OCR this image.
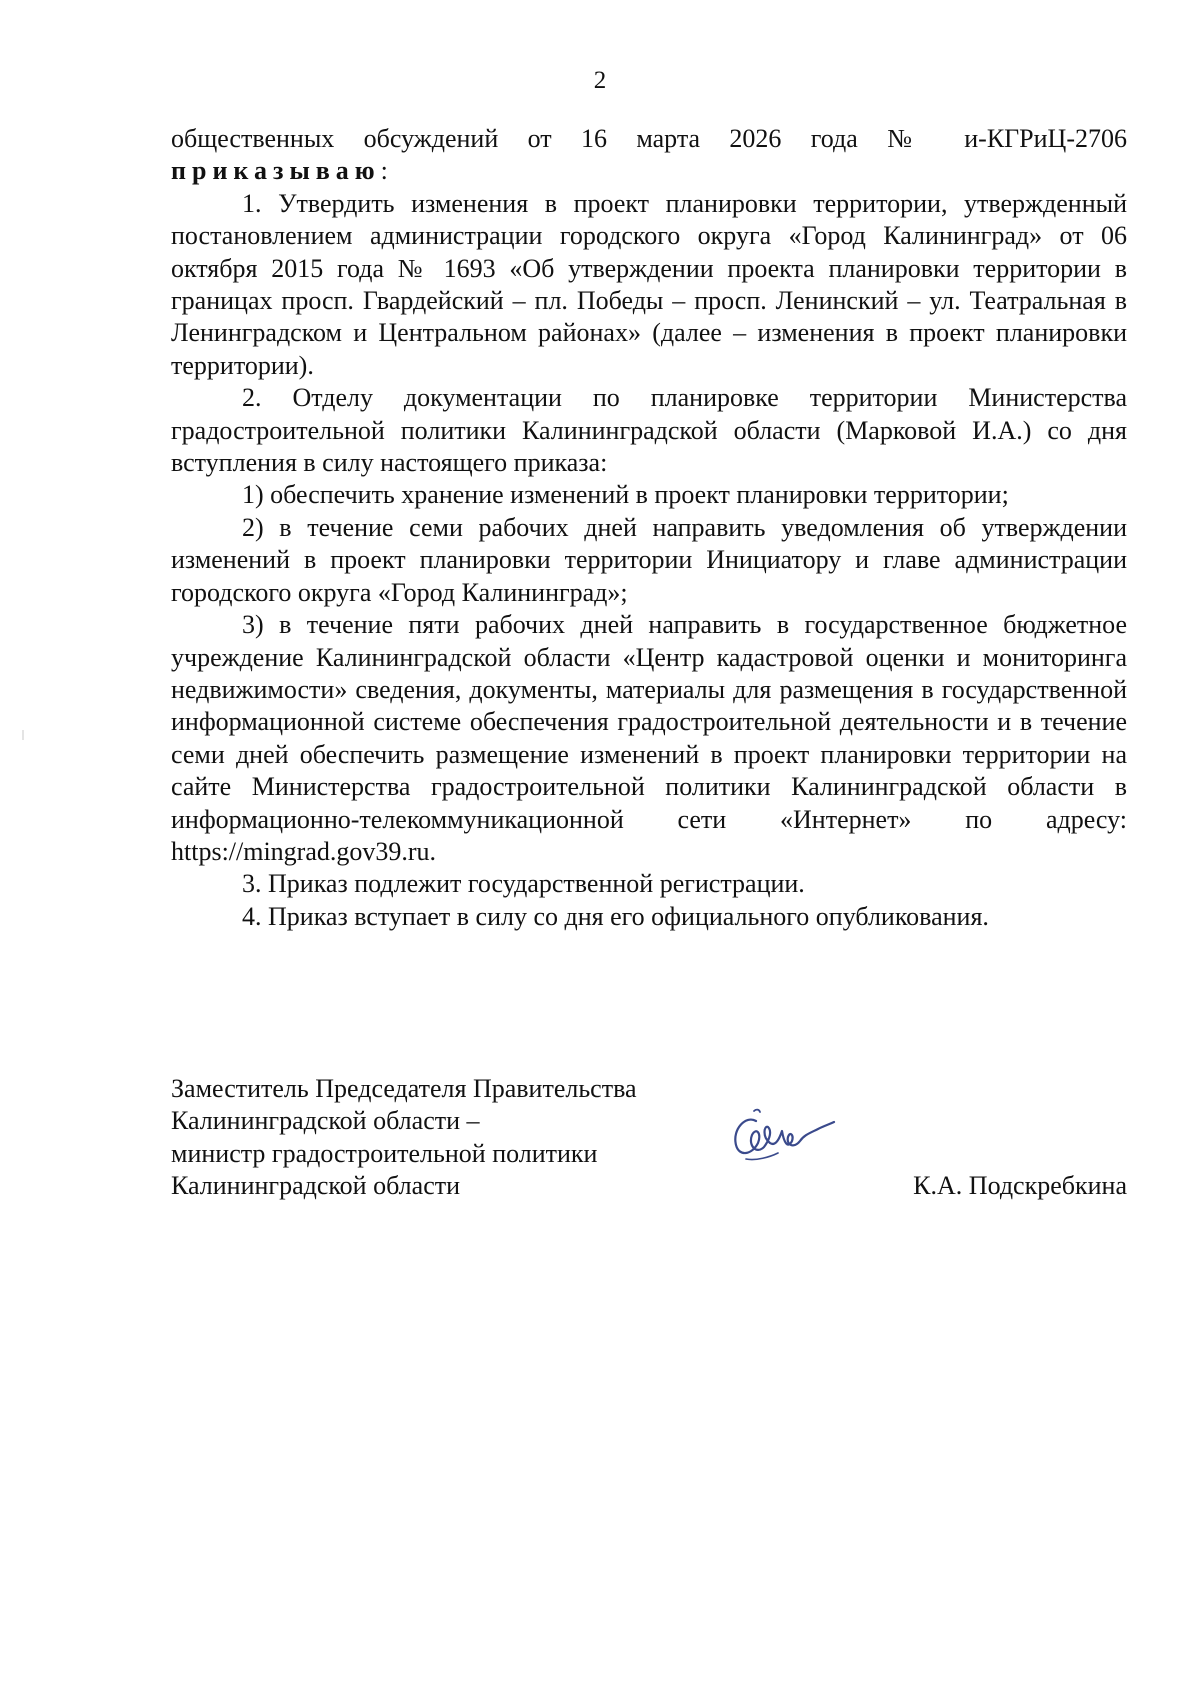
2

общественных обсуждений от 16 марта 2026 года № и-КГРиЦ-2706

приказываю:

1. Утвердить изменения в проект планировки территории, утвержденный постановлением администрации городского округа «Город Калининград» от 06 октября 2015 года № 1693 «Об утверждении проекта планировки территории в границах просп. Гвардейский – пл. Победы – просп. Ленинский – ул. Театральная в Ленинградском и Центральном районах» (далее – изменения в проект планировки территории).

2. Отделу документации по планировке территории Министерства градостроительной политики Калининградской области (Марковой И.А.) со дня вступления в силу настоящего приказа:

1) обеспечить хранение изменений в проект планировки территории;

2) в течение семи рабочих дней направить уведомления об утверждении изменений в проект планировки территории Инициатору и главе администрации городского округа «Город Калининград»;

3) в течение пяти рабочих дней направить в государственное бюджетное учреждение Калининградской области «Центр кадастровой оценки и мониторинга недвижимости» сведения, документы, материалы для размещения в государственной информационной системе обеспечения градостроительной деятельности и в течение семи дней обеспечить размещение изменений в проект планировки территории на сайте Министерства градостроительной политики Калининградской области в информационно-телекоммуникационной сети «Интернет» по адресу: https://mingrad.gov39.ru.

3. Приказ подлежит государственной регистрации.

4. Приказ вступает в силу со дня его официального опубликования.

Заместитель Председателя Правительства
Калининградской области –
министр градостроительной политики
Калининградской области	К.А. Подскребкина
